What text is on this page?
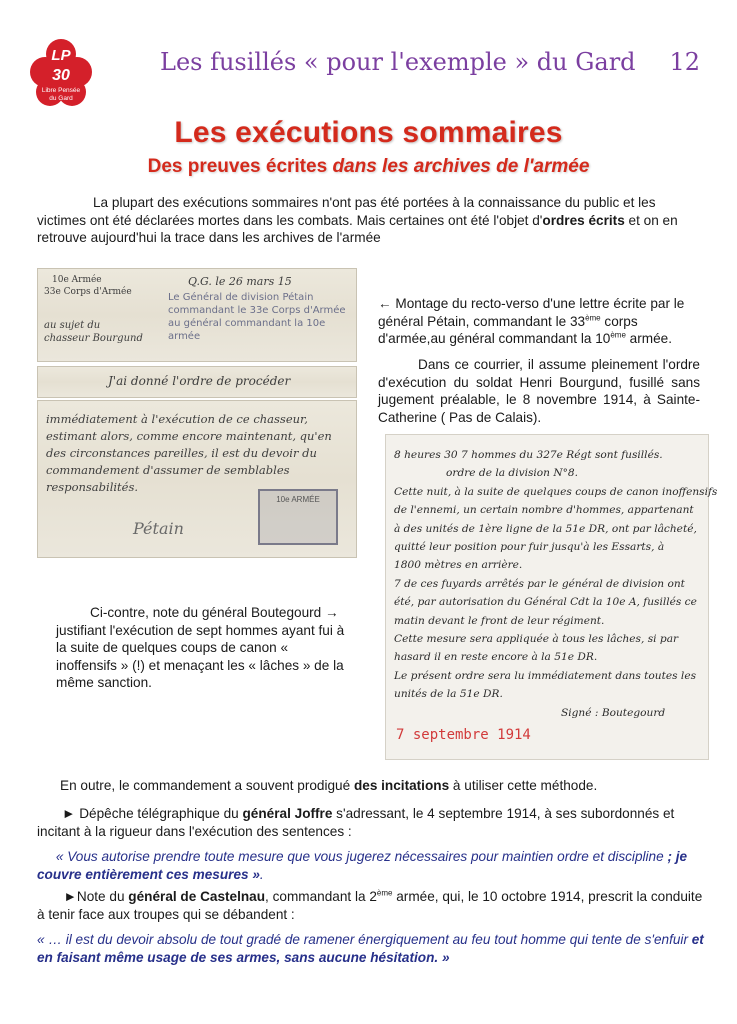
LP
30
Libre Pensée
du Gard
Les fusillés « pour l'exemple » du Gard	12
Les exécutions sommaires
Des preuves écrites dans les archives de l'armée
La plupart des exécutions sommaires n'ont pas été portées à la connaissance du public et les victimes ont été déclarées mortes dans les combats. Mais certaines ont été l'objet d'ordres écrits et on en retrouve aujourd'hui la trace dans les archives de l'armée
10e Armée
33e Corps d'Armée
au sujet du chasseur Bourgund
Q.G. le 26 mars 15
Le Général de division Pétain commandant le 33e Corps d'Armée au général commandant la 10e armée
J'ai donné l'ordre de procéder
immédiatement à l'exécution de ce chasseur, estimant alors, comme encore maintenant, qu'en des circonstances pareilles, il est du devoir du commandement d'assumer de semblables responsabilités.
Pétain
10e ARMÉE
← Montage du recto-verso d'une lettre écrite par le général Pétain, commandant le 33ème corps d'armée,au général commandant la 10ème armée.
Dans ce courrier, il assume pleinement l'ordre d'exécution du soldat Henri Bourgund, fusillé sans jugement préalable, le 8 novembre 1914, à Sainte-Catherine ( Pas de Calais).
8 heures 30 7 hommes du 327e Régt sont fusillés.
ordre de la division N°8.
Cette nuit, à la suite de quelques coups de canon inoffensifs
de l'ennemi, un certain nombre d'hommes, appartenant
à des unités de 1ère ligne de la 51e DR, ont par lâcheté,
quitté leur position pour fuir jusqu'à les Essarts, à
1800 mètres en arrière.
7 de ces fuyards arrêtés par le général de division ont
été, par autorisation du Général Cdt la 10e A, fusillés ce
matin devant le front de leur régiment.
Cette mesure sera appliquée à tous les lâches, si par
hasard il en reste encore à la 51e DR.
Le présent ordre sera lu immédiatement dans toutes les
unités de la 51e DR.
Signé : Boutegourd
7 septembre 1914
Ci-contre, note du général Boutegourd →
justifiant l'exécution de sept hommes ayant fui à la suite de quelques coups de canon « inoffensifs » (!) et menaçant les « lâches » de la même sanction.
En outre, le commandement a souvent prodigué des incitations à utiliser cette méthode.
► Dépêche télégraphique du général Joffre s'adressant, le 4 septembre 1914, à ses subordonnés et incitant à la rigueur dans l'exécution des sentences :
« Vous autorise prendre toute mesure que vous jugerez nécessaires pour maintien ordre et discipline ; je couvre entièrement ces mesures ».
►Note du général de Castelnau, commandant la 2ème armée, qui, le 10 octobre 1914, prescrit la conduite à tenir face aux troupes qui se débandent :
« … il est du devoir absolu de tout gradé de ramener énergiquement au feu tout homme qui tente de s'enfuir et en faisant même usage de ses armes, sans aucune hésitation. »
